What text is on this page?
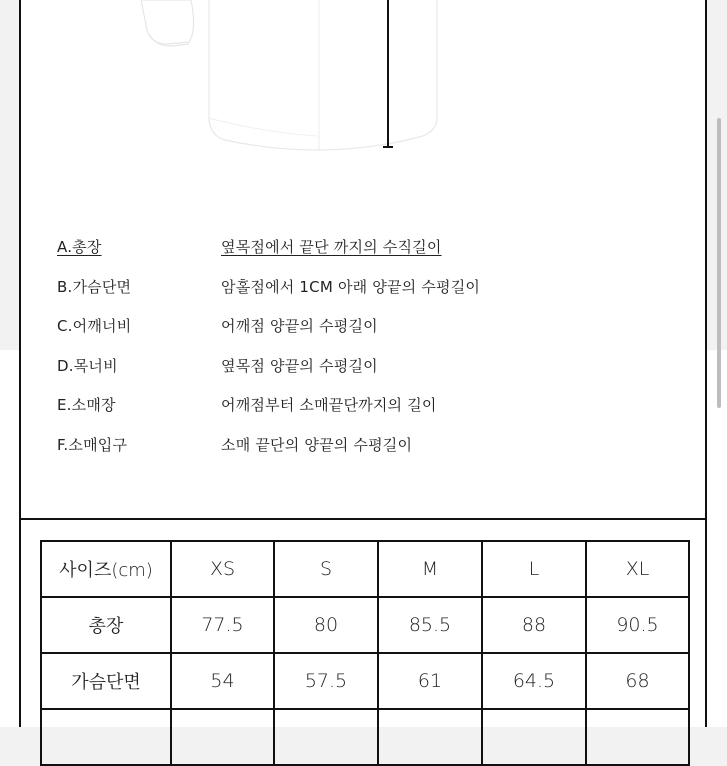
A.총장	옆목점에서 끝단 까지의 수직길이
B.가슴단면	암홀점에서 1CM 아래 양끝의 수평길이
C.어깨너비	어깨점 양끝의 수평길이
D.목너비	옆목점 양끝의 수평길이
E.소매장	어깨점부터 소매끝단까지의 길이
F.소매입구	소매 끝단의 양끝의 수평길이
사이즈(cm)	XS	S	M	L	XL
총장	77.5	80	85.5	88	90.5
가슴단면	54	57.5	61	64.5	68
